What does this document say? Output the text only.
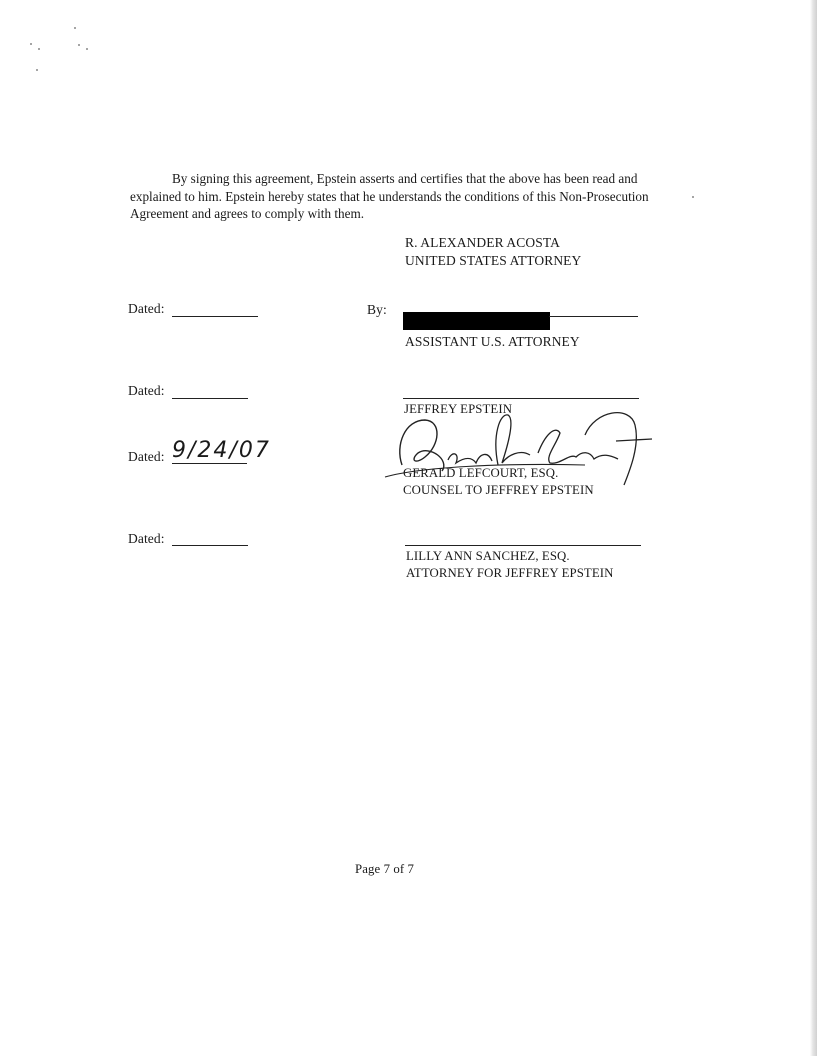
By signing this agreement, Epstein asserts and certifies that the above has been read and explained to him. Epstein hereby states that he understands the conditions of this Non-Prosecution Agreement and agrees to comply with them.

R. ALEXANDER ACOSTA
UNITED STATES ATTORNEY
Dated:	By:
ASSISTANT U.S. ATTORNEY
Dated:
JEFFREY EPSTEIN
Dated: 9/24/07
GERALD LEFCOURT, ESQ.
COUNSEL TO JEFFREY EPSTEIN
Dated:
LILLY ANN SANCHEZ, ESQ.
ATTORNEY FOR JEFFREY EPSTEIN
Page 7 of 7
